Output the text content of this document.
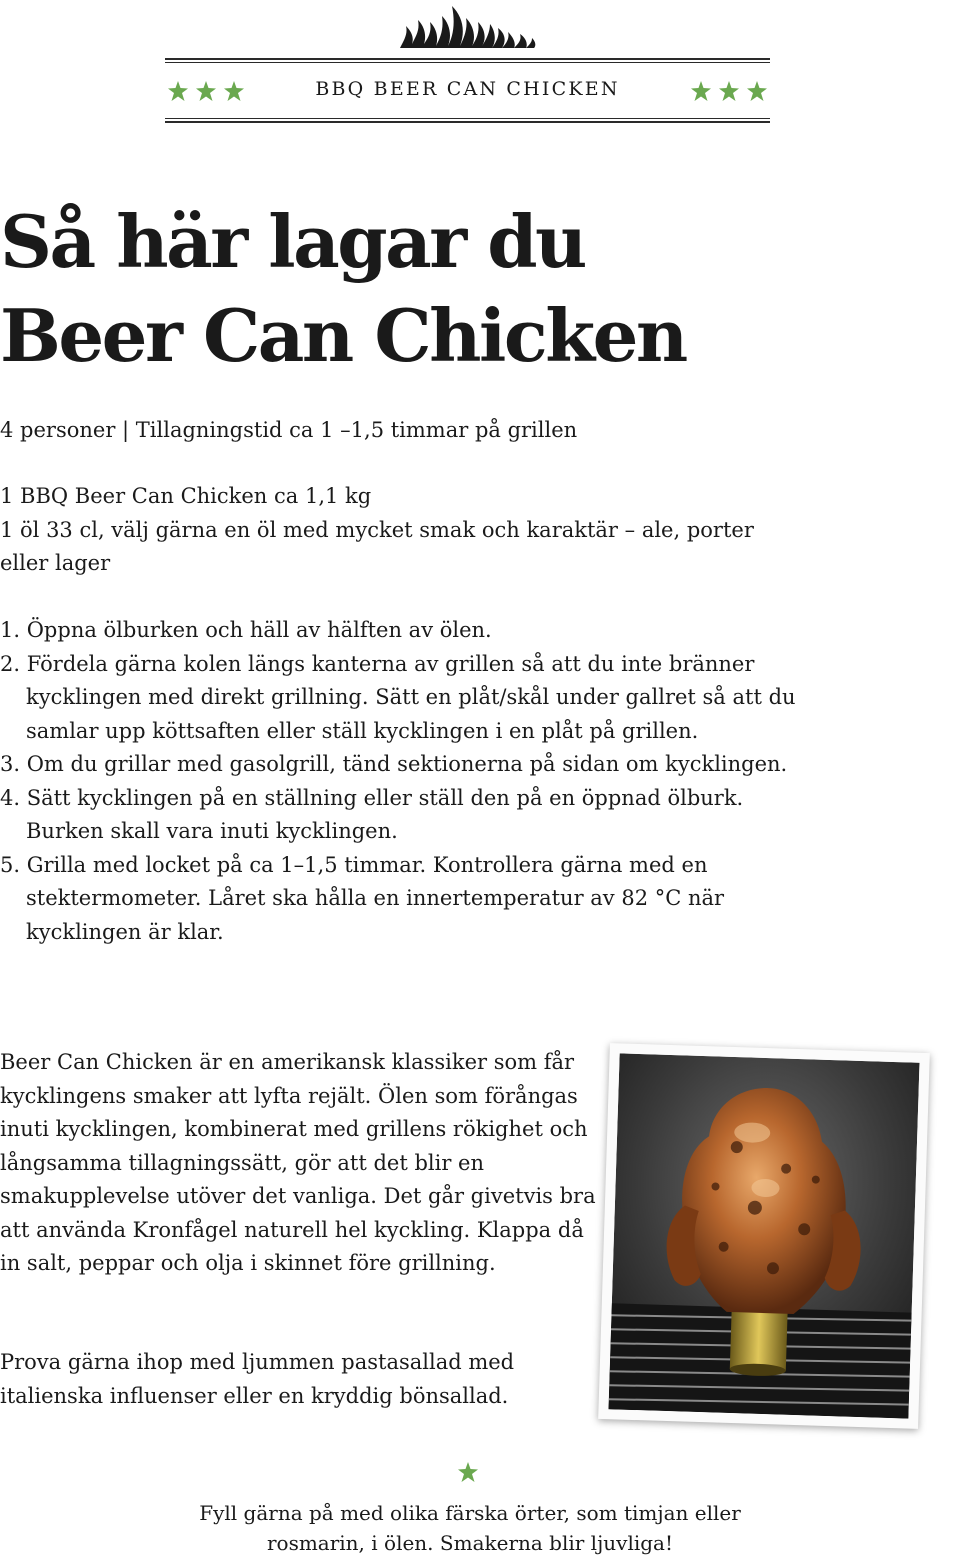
BBQ BEER CAN CHICKEN
Så här lagar du
Beer Can Chicken
4 personer | Tillagningstid ca 1 –1,5 timmar på grillen
1 BBQ Beer Can Chicken ca 1,1 kg
1 öl 33 cl, välj gärna en öl med mycket smak och karaktär – ale, porter eller lager
1. Öppna ölburken och häll av hälften av ölen.
2. Fördela gärna kolen längs kanterna av grillen så att du inte bränner kycklingen med direkt grillning. Sätt en plåt/skål under gallret så att du samlar upp köttsaften eller ställ kycklingen i en plåt på grillen.
3. Om du grillar med gasolgrill, tänd sektionerna på sidan om kycklingen.
4. Sätt kycklingen på en ställning eller ställ den på en öppnad ölburk. Burken skall vara inuti kycklingen.
5. Grilla med locket på ca 1–1,5 timmar. Kontrollera gärna med en stektermometer. Låret ska hålla en innertemperatur av 82 °C när kycklingen är klar.

Beer Can Chicken är en amerikansk klassiker som får kycklingens smaker att lyfta rejält. Ölen som förångas inuti kycklingen, kombinerat med grillens rökighet och långsamma tillagningssätt, gör att det blir en smakupplevelse utöver det vanliga. Det går givetvis bra att använda Kronfågel naturell hel kyckling. Klappa då in salt, peppar och olja i skinnet före grillning.

Prova gärna ihop med ljummen pastasallad med italienska influenser eller en kryddig bönsallad.

Fyll gärna på med olika färska örter, som timjan eller rosmarin, i ölen. Smakerna blir ljuvliga!
